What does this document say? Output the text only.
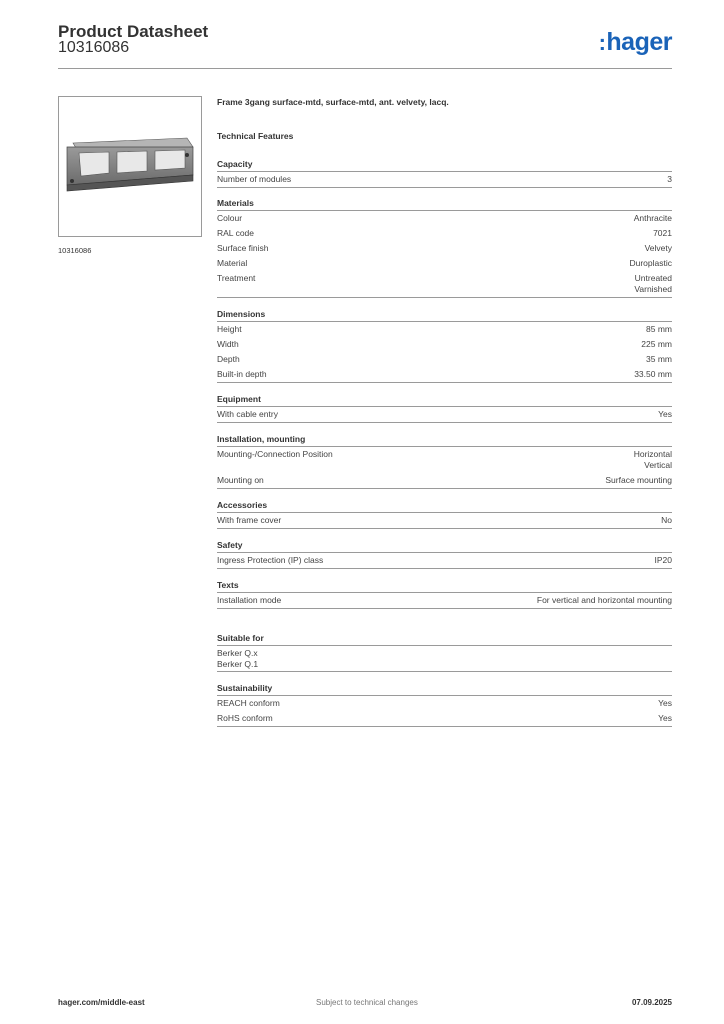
Product Datasheet
10316086	:hager
10316086
Frame 3gang surface-mtd, surface-mtd, ant. velvety, lacq.
Technical Features
Capacity
Number of modules	3
Materials
Colour	Anthracite
RAL code	7021
Surface finish	Velvety
Material	Duroplastic
Treatment	Untreated
Varnished
Dimensions
Height	85 mm
Width	225 mm
Depth	35 mm
Built-in depth	33.50 mm
Equipment
With cable entry	Yes
Installation, mounting
Mounting-/Connection Position	Horizontal
Vertical
Mounting on	Surface mounting
Accessories
With frame cover	No
Safety
Ingress Protection (IP) class	IP20
Texts
Installation mode	For vertical and horizontal mounting
Suitable for
Berker Q.x
Berker Q.1
Sustainability
REACH conform	Yes
RoHS conform	Yes
hager.com/middle-east	Subject to technical changes	07.09.2025
